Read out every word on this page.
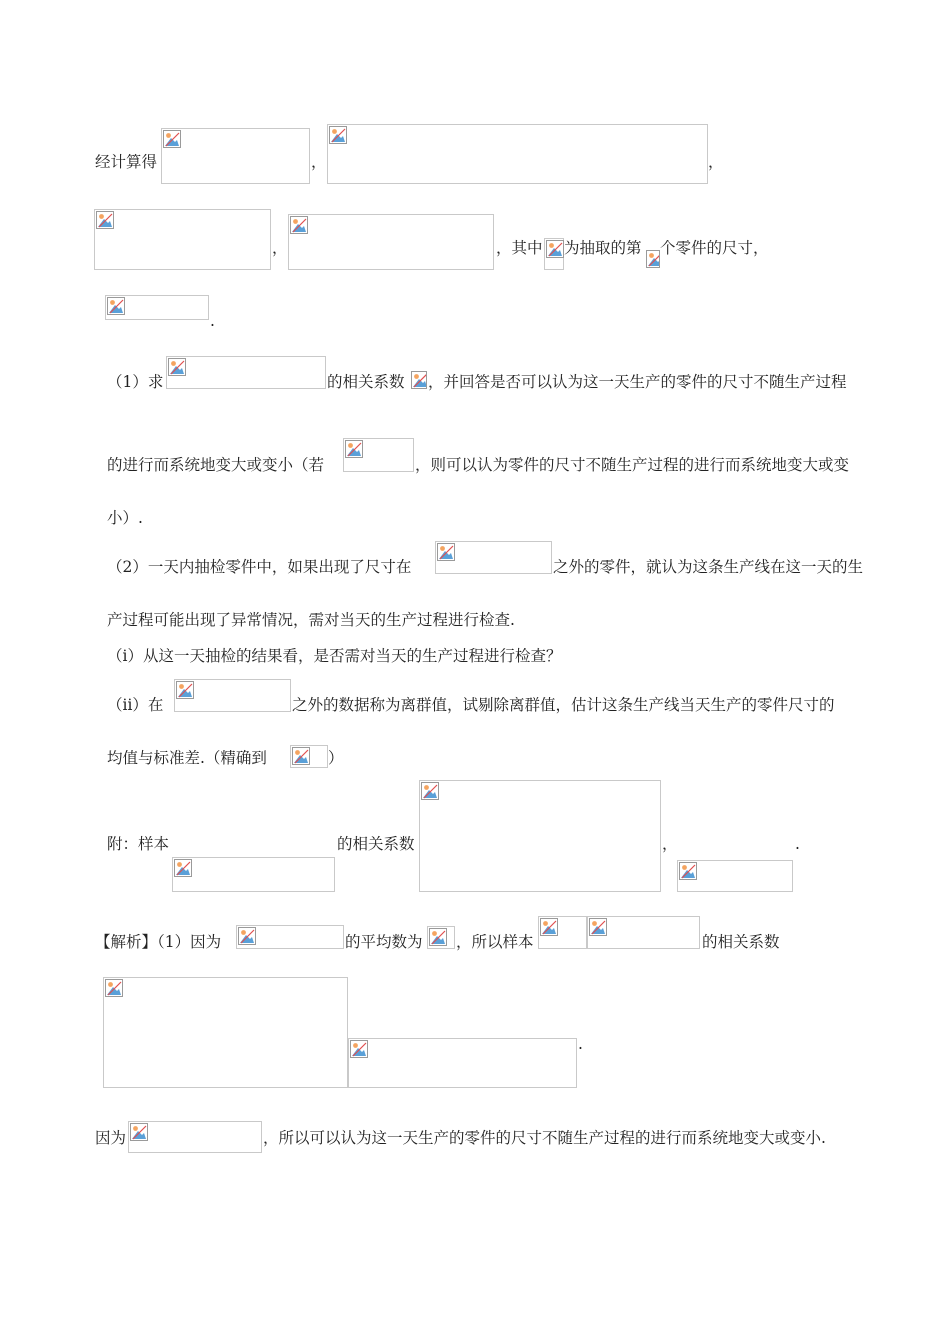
经计算得	，	，
，	，其中 为抽取的第 个零件的尺寸，
.
（1）求	的相关系数 ，并回答是否可以认为这一天生产的零件的尺寸不随生产过程
的进行而系统地变大或变小（若	，则可以认为零件的尺寸不随生产过程的进行而系统地变大或变
小）.
（2）一天内抽检零件中，如果出现了尺寸在	之外的零件，就认为这条生产线在这一天的生
产过程可能出现了异常情况，需对当天的生产过程进行检查.
（ⅰ）从这一天抽检的结果看，是否需对当天的生产过程进行检查？
（ⅱ）在	之外的数据称为离群值，试剔除离群值，估计这条生产线当天生产的零件尺寸的
均值与标准差.（精确到	）
附：样本	的相关系数	，	.
【解析】（1）因为	的平均数为 ，所以样本	的相关系数
.
因为	，所以可以认为这一天生产的零件的尺寸不随生产过程的进行而系统地变大或变小.
